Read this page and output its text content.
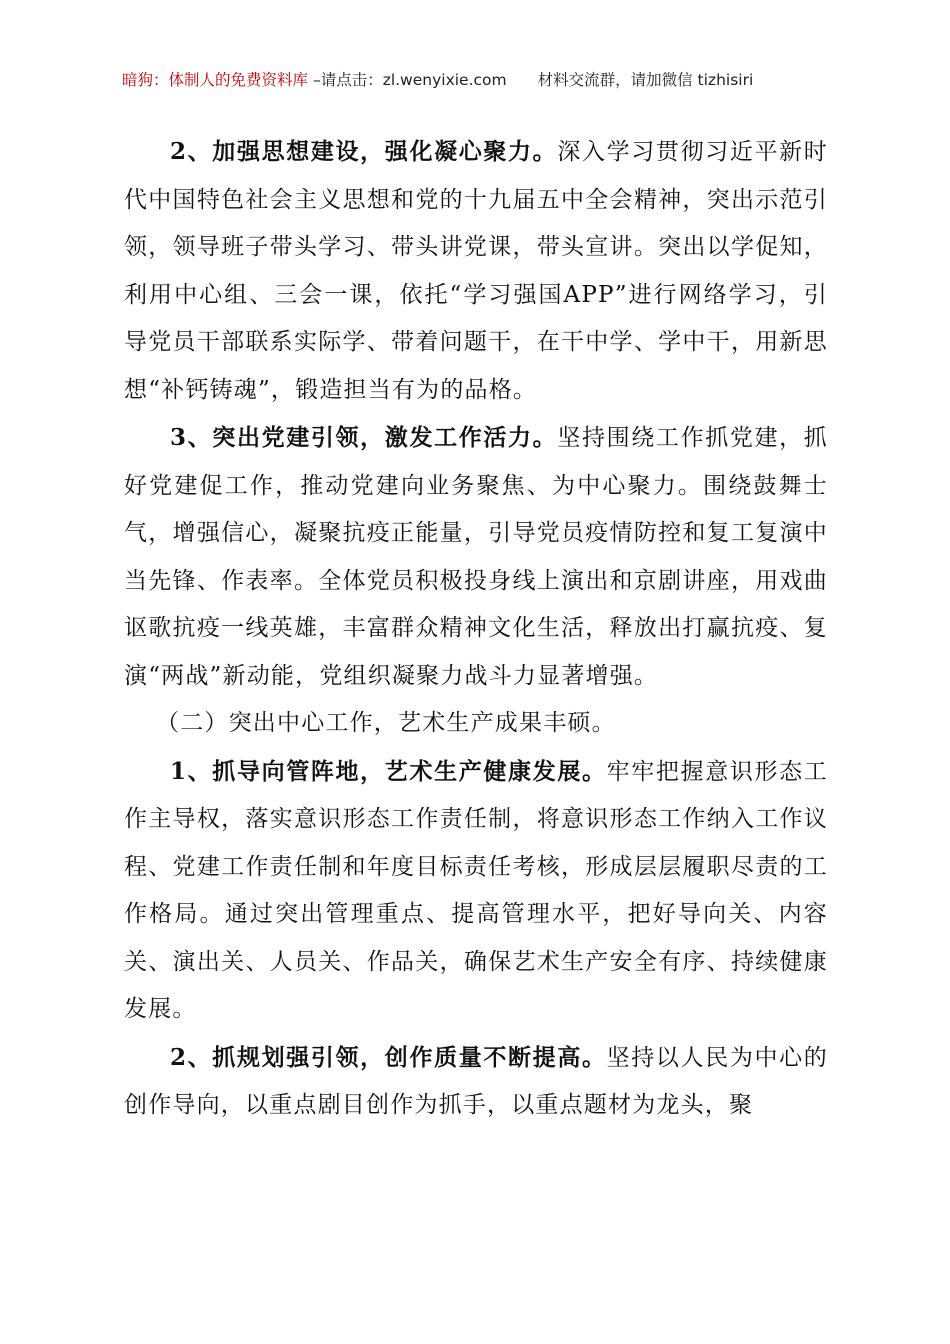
暗狗：体制人的免费资料库 –请点击：zl.wenyixie.com　　材料交流群，请加微信 tizhisiri

2、加强思想建设，强化凝心聚力。深入学习贯彻习近平新时代中国特色社会主义思想和党的十九届五中全会精神，突出示范引领，领导班子带头学习、带头讲党课，带头宣讲。突出以学促知，利用中心组、三会一课，依托“学习强国APP”进行网络学习，引导党员干部联系实际学、带着问题干，在干中学、学中干，用新思想“补钙铸魂”，锻造担当有为的品格。

3、突出党建引领，激发工作活力。坚持围绕工作抓党建，抓好党建促工作，推动党建向业务聚焦、为中心聚力。围绕鼓舞士气，增强信心，凝聚抗疫正能量，引导党员疫情防控和复工复演中当先锋、作表率。全体党员积极投身线上演出和京剧讲座，用戏曲讴歌抗疫一线英雄，丰富群众精神文化生活，释放出打赢抗疫、复演“两战”新动能，党组织凝聚力战斗力显著增强。

（二）突出中心工作，艺术生产成果丰硕。

1、抓导向管阵地，艺术生产健康发展。牢牢把握意识形态工作主导权，落实意识形态工作责任制，将意识形态工作纳入工作议程、党建工作责任制和年度目标责任考核，形成层层履职尽责的工作格局。通过突出管理重点、提高管理水平，把好导向关、内容关、演出关、人员关、作品关，确保艺术生产安全有序、持续健康发展。

2、抓规划强引领，创作质量不断提高。坚持以人民为中心的创作导向，以重点剧目创作为抓手，以重点题材为龙头，聚
